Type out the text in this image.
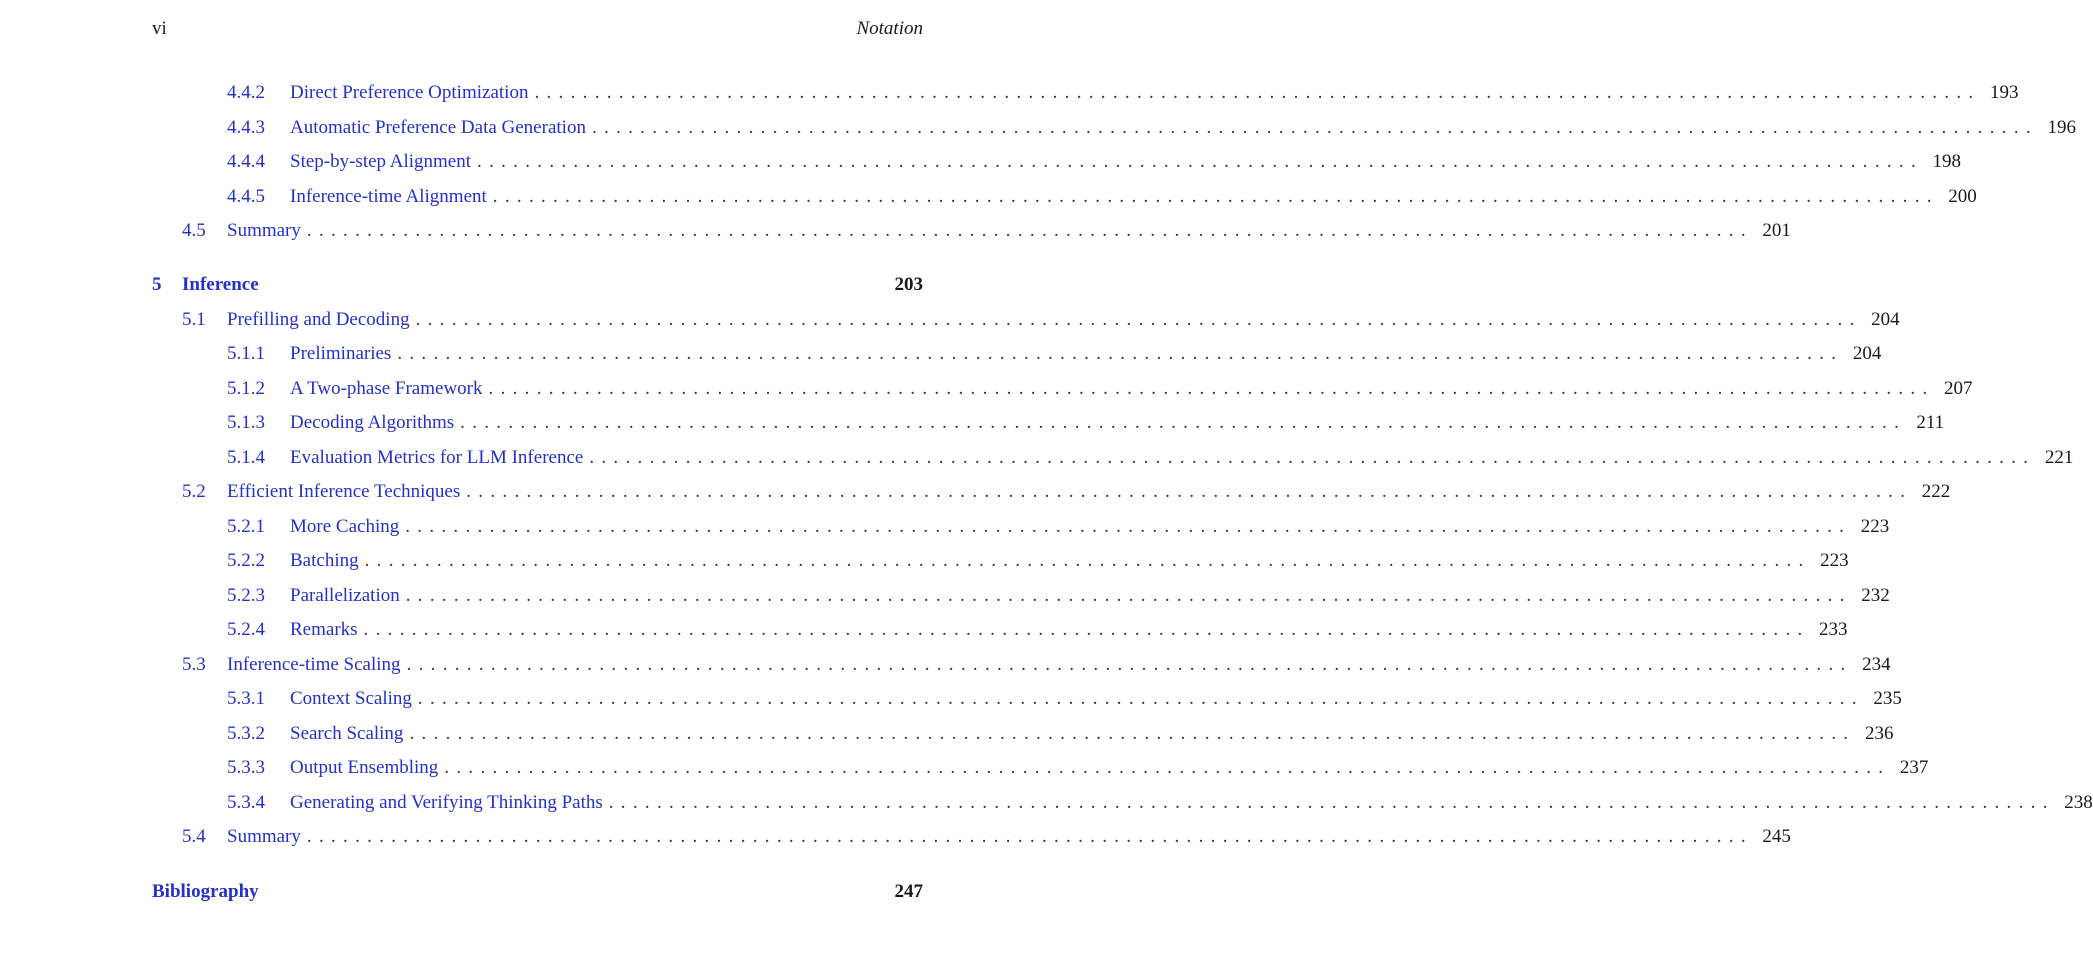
vi	Notation
4.4.2	Direct Preference Optimization ........................................................................................................................ 193
4.4.3	Automatic Preference Data Generation ........................................................................................................................ 196
4.4.4	Step-by-step Alignment ........................................................................................................................ 198
4.4.5	Inference-time Alignment ........................................................................................................................ 200
4.5	Summary ........................................................................................................................ 201
5	Inference	203
5.1	Prefilling and Decoding ........................................................................................................................ 204
5.1.1	Preliminaries ........................................................................................................................ 204
5.1.2	A Two-phase Framework ........................................................................................................................ 207
5.1.3	Decoding Algorithms ........................................................................................................................ 211
5.1.4	Evaluation Metrics for LLM Inference ........................................................................................................................ 221
5.2	Efficient Inference Techniques ........................................................................................................................ 222
5.2.1	More Caching ........................................................................................................................ 223
5.2.2	Batching ........................................................................................................................ 223
5.2.3	Parallelization ........................................................................................................................ 232
5.2.4	Remarks ........................................................................................................................ 233
5.3	Inference-time Scaling ........................................................................................................................ 234
5.3.1	Context Scaling ........................................................................................................................ 235
5.3.2	Search Scaling ........................................................................................................................ 236
5.3.3	Output Ensembling ........................................................................................................................ 237
5.3.4	Generating and Verifying Thinking Paths ........................................................................................................................ 238
5.4	Summary ........................................................................................................................ 245
Bibliography	247
